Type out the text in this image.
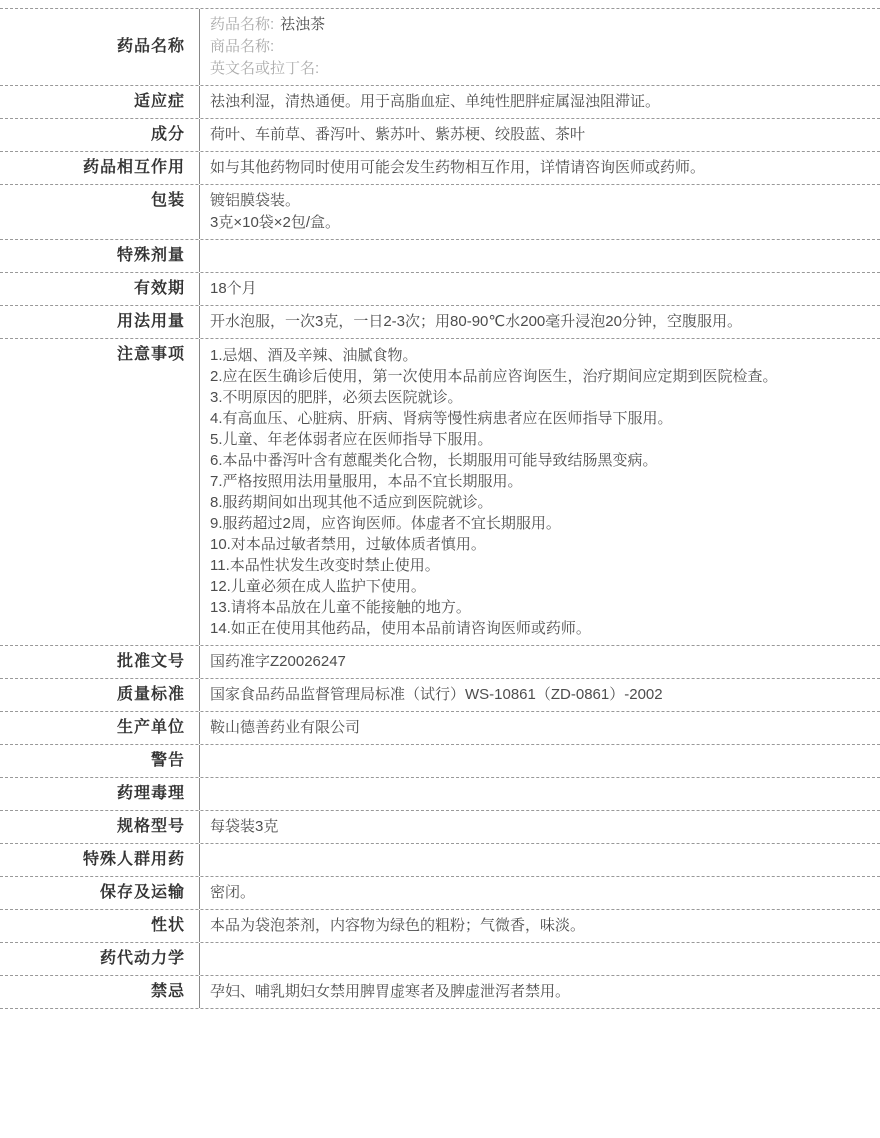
药品名称
药品名称: 祛浊茶
商品名称:
英文名或拉丁名:
适应症	祛浊利湿，清热通便。用于高脂血症、单纯性肥胖症属湿浊阻滞证。
成分	荷叶、车前草、番泻叶、紫苏叶、紫苏梗、绞股蓝、茶叶
药品相互作用	如与其他药物同时使用可能会发生药物相互作用，详情请咨询医师或药师。
包装 镀铝膜袋装。
3克×10袋×2包/盒。
特殊剂量
有效期	18个月
用法用量	开水泡服，一次3克，一日2-3次；用80-90℃水200毫升浸泡20分钟，空腹服用。
注意事项 1.忌烟、酒及辛辣、油腻食物。
2.应在医生确诊后使用，第一次使用本品前应咨询医生，治疗期间应定期到医院检查。
3.不明原因的肥胖，必须去医院就诊。
4.有高血压、心脏病、肝病、肾病等慢性病患者应在医师指导下服用。
5.儿童、年老体弱者应在医师指导下服用。
6.本品中番泻叶含有蒽醌类化合物，长期服用可能导致结肠黑变病。
7.严格按照用法用量服用，本品不宜长期服用。
8.服药期间如出现其他不适应到医院就诊。
9.服药超过2周，应咨询医师。体虚者不宜长期服用。
10.对本品过敏者禁用，过敏体质者慎用。
11.本品性状发生改变时禁止使用。
12.儿童必须在成人监护下使用。
13.请将本品放在儿童不能接触的地方。
14.如正在使用其他药品，使用本品前请咨询医师或药师。
批准文号	国药准字Z20026247
质量标准	国家食品药品监督管理局标准（试行）WS-10861（ZD-0861）-2002
生产单位	鞍山德善药业有限公司
警告
药理毒理
规格型号	每袋装3克
特殊人群用药
保存及运输	密闭。
性状	本品为袋泡茶剂，内容物为绿色的粗粉；气微香，味淡。
药代动力学
禁忌	孕妇、哺乳期妇女禁用脾胃虚寒者及脾虚泄泻者禁用。
